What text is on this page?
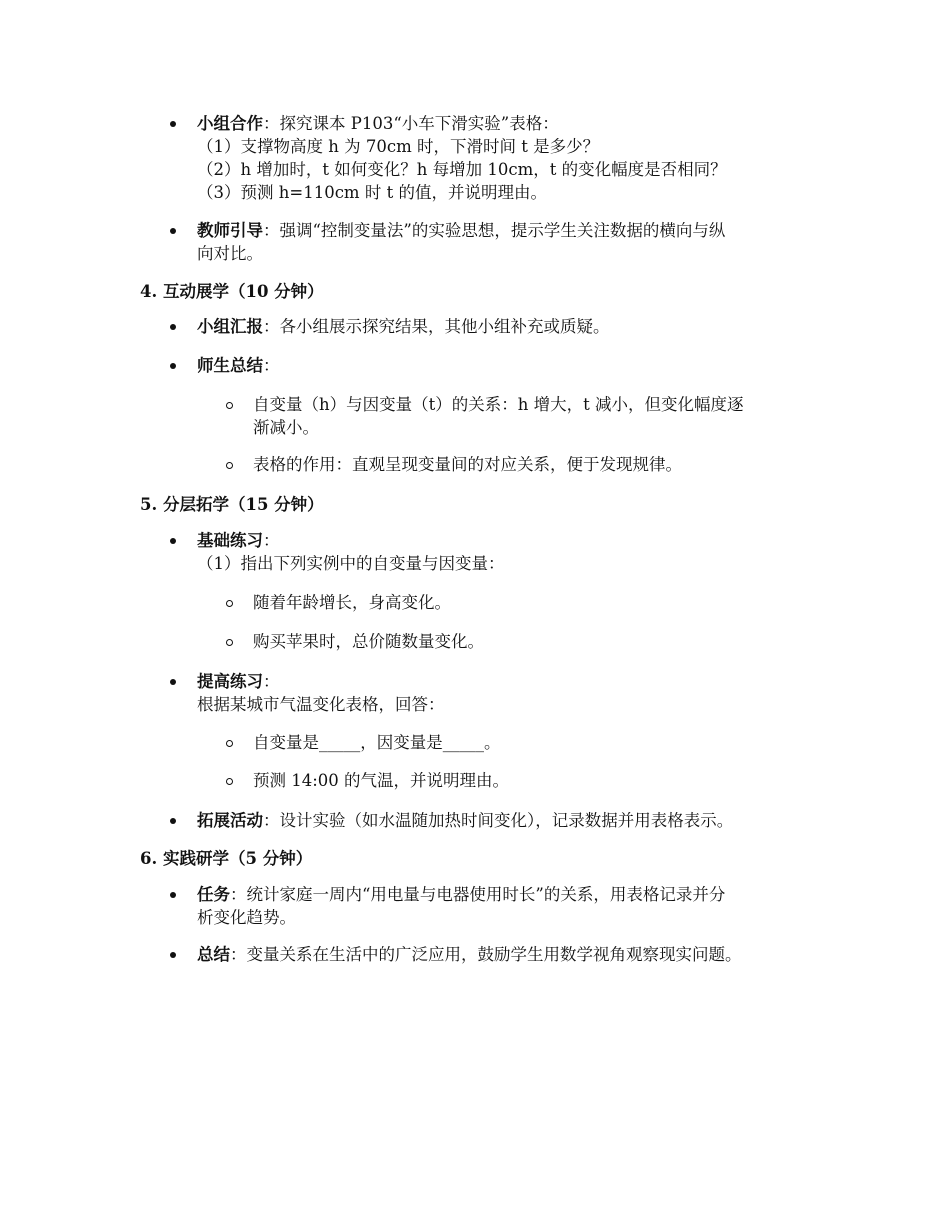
小组合作：探究课本 P103“小车下滑实验”表格：
（1）支撑物高度 h 为 70cm 时，下滑时间 t 是多少？
（2）h 增加时，t 如何变化？h 每增加 10cm，t 的变化幅度是否相同？
（3）预测 h=110cm 时 t 的值，并说明理由。
教师引导：强调“控制变量法”的实验思想，提示学生关注数据的横向与纵
向对比。
4. 互动展学（10 分钟）
小组汇报：各小组展示探究结果，其他小组补充或质疑。
师生总结：
自变量（h）与因变量（t）的关系：h 增大，t 减小，但变化幅度逐
渐减小。
表格的作用：直观呈现变量间的对应关系，便于发现规律。
5. 分层拓学（15 分钟）
基础练习：
（1）指出下列实例中的自变量与因变量：
随着年龄增长，身高变化。
购买苹果时，总价随数量变化。
提高练习：
根据某城市气温变化表格，回答：
自变量是_____，因变量是_____。
预测 14:00 的气温，并说明理由。
拓展活动：设计实验（如水温随加热时间变化），记录数据并用表格表示。
6. 实践研学（5 分钟）
任务：统计家庭一周内“用电量与电器使用时长”的关系，用表格记录并分
析变化趋势。
总结：变量关系在生活中的广泛应用，鼓励学生用数学视角观察现实问题。
